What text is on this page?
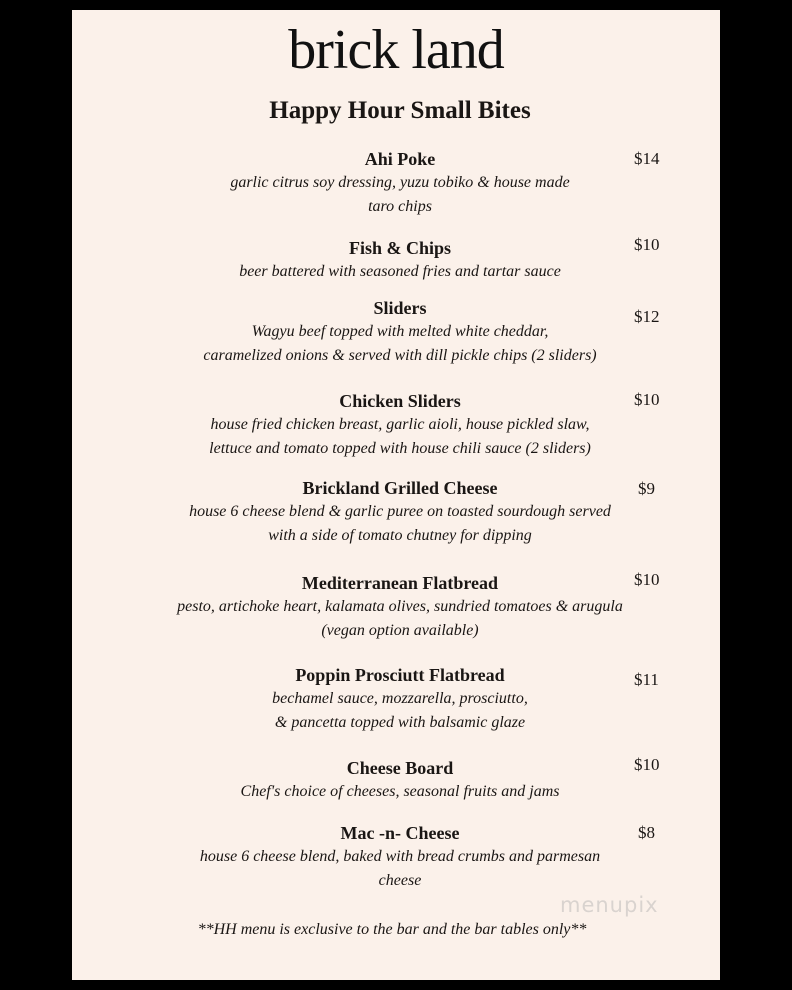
brick land
Happy Hour Small Bites
Ahi Poke
garlic citrus soy dressing, yuzu tobiko & house made
taro chips
$14
Fish & Chips
beer battered with seasoned fries and tartar sauce
$10
Sliders
Wagyu beef topped with melted white cheddar,
caramelized onions & served with dill pickle chips (2 sliders)
$12
Chicken Sliders
house fried chicken breast, garlic aioli, house pickled slaw,
lettuce and tomato topped with house chili sauce (2 sliders)
$10
Brickland Grilled Cheese
house 6 cheese blend & garlic puree on toasted sourdough served
with a side of tomato chutney for dipping
$9
Mediterranean Flatbread
pesto, artichoke heart, kalamata olives, sundried tomatoes & arugula
(vegan option available)
$10
Poppin Prosciutt Flatbread
bechamel sauce, mozzarella, prosciutto,
& pancetta topped with balsamic glaze
$11
Cheese Board
Chef's choice of cheeses, seasonal fruits and jams
$10
Mac -n- Cheese
house 6 cheese blend, baked with bread crumbs and parmesan
cheese
$8
menupix
**HH menu is exclusive to the bar and the bar tables only**
